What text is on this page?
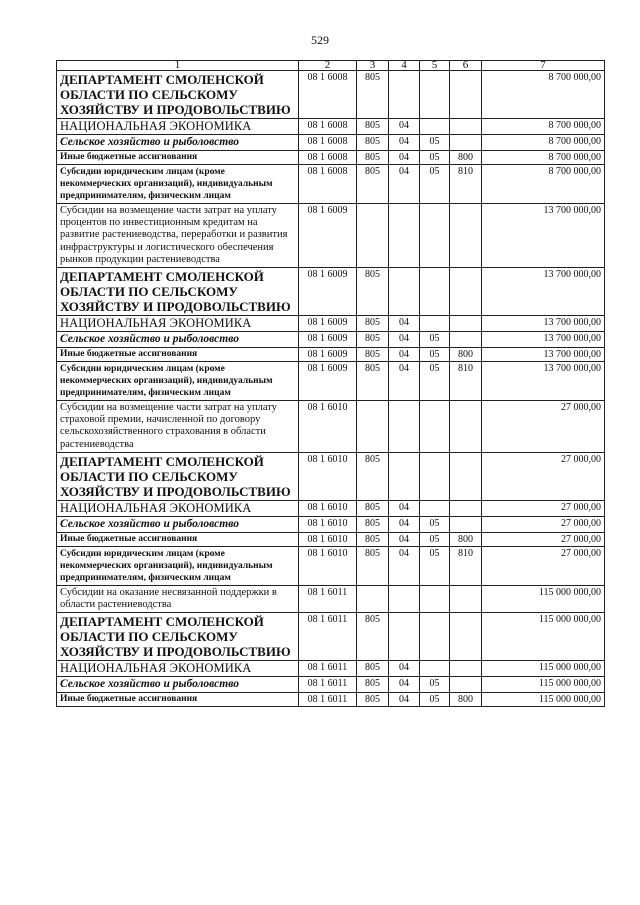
529
1	2	3	4	5	6	7
ДЕПАРТАМЕНТ СМОЛЕНСКОЙ ОБЛАСТИ ПО СЕЛЬСКОМУ ХОЗЯЙСТВУ И ПРОДОВОЛЬСТВИЮ	08 1 6008	805				8 700 000,00
НАЦИОНАЛЬНАЯ ЭКОНОМИКА	08 1 6008	805	04			8 700 000,00
Сельское хозяйство и рыболовство	08 1 6008	805	04	05		8 700 000,00
Иные бюджетные ассигнования	08 1 6008	805	04	05	800	8 700 000,00
Субсидии юридическим лицам (кроме некоммерческих организаций), индивидуальным предпринимателям, физическим лицам	08 1 6008	805	04	05	810	8 700 000,00
Субсидии на возмещение части затрат на уплату процентов по инвестиционным кредитам на развитие растениеводства, переработки и развития инфраструктуры и логистического обеспечения рынков продукции растениеводства	08 1 6009					13 700 000,00
ДЕПАРТАМЕНТ СМОЛЕНСКОЙ ОБЛАСТИ ПО СЕЛЬСКОМУ ХОЗЯЙСТВУ И ПРОДОВОЛЬСТВИЮ	08 1 6009	805				13 700 000,00
НАЦИОНАЛЬНАЯ ЭКОНОМИКА	08 1 6009	805	04			13 700 000,00
Сельское хозяйство и рыболовство	08 1 6009	805	04	05		13 700 000,00
Иные бюджетные ассигнования	08 1 6009	805	04	05	800	13 700 000,00
Субсидии юридическим лицам (кроме некоммерческих организаций), индивидуальным предпринимателям, физическим лицам	08 1 6009	805	04	05	810	13 700 000,00
Субсидии на возмещение части затрат на уплату страховой премии, начисленной по договору сельскохозяйственного страхования в области растениеводства	08 1 6010					27 000,00
ДЕПАРТАМЕНТ СМОЛЕНСКОЙ ОБЛАСТИ ПО СЕЛЬСКОМУ ХОЗЯЙСТВУ И ПРОДОВОЛЬСТВИЮ	08 1 6010	805				27 000,00
НАЦИОНАЛЬНАЯ ЭКОНОМИКА	08 1 6010	805	04			27 000,00
Сельское хозяйство и рыболовство	08 1 6010	805	04	05		27 000,00
Иные бюджетные ассигнования	08 1 6010	805	04	05	800	27 000,00
Субсидии юридическим лицам (кроме некоммерческих организаций), индивидуальным предпринимателям, физическим лицам	08 1 6010	805	04	05	810	27 000,00
Субсидии на оказание несвязанной поддержки в области растениеводства	08 1 6011					115 000 000,00
ДЕПАРТАМЕНТ СМОЛЕНСКОЙ ОБЛАСТИ ПО СЕЛЬСКОМУ ХОЗЯЙСТВУ И ПРОДОВОЛЬСТВИЮ	08 1 6011	805				115 000 000,00
НАЦИОНАЛЬНАЯ ЭКОНОМИКА	08 1 6011	805	04			115 000 000,00
Сельское хозяйство и рыболовство	08 1 6011	805	04	05		115 000 000,00
Иные бюджетные ассигнования	08 1 6011	805	04	05	800	115 000 000,00
